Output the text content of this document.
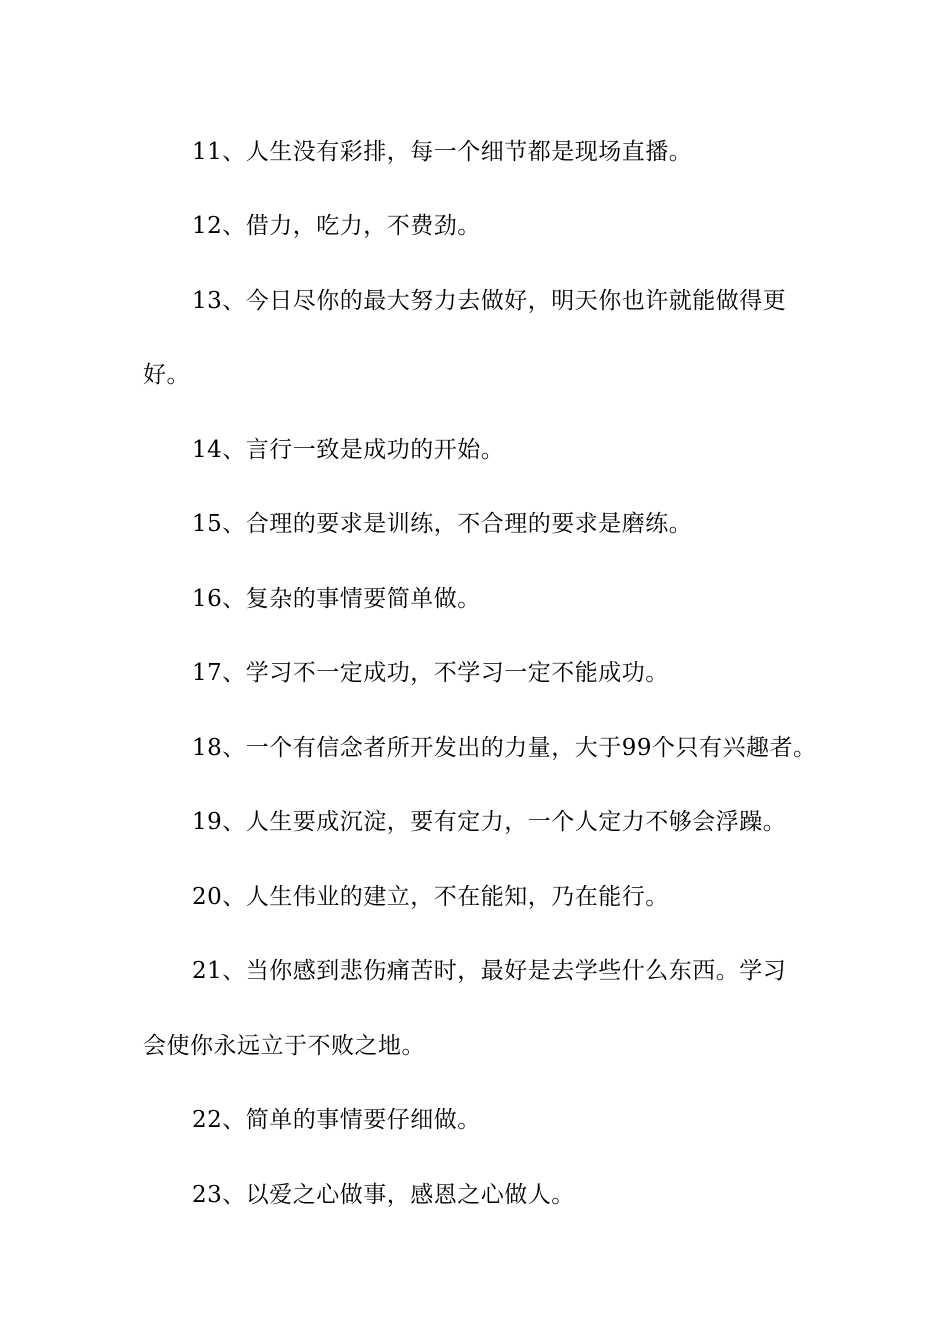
11、人生没有彩排，每一个细节都是现场直播。
12、借力，吃力，不费劲。
13、今日尽你的最大努力去做好，明天你也许就能做得更
好。
14、言行一致是成功的开始。
15、合理的要求是训练，不合理的要求是磨练。
16、复杂的事情要简单做。
17、学习不一定成功，不学习一定不能成功。
18、一个有信念者所开发出的力量，大于99个只有兴趣者。
19、人生要成沉淀，要有定力，一个人定力不够会浮躁。
20、人生伟业的建立，不在能知，乃在能行。
21、当你感到悲伤痛苦时，最好是去学些什么东西。学习
会使你永远立于不败之地。
22、简单的事情要仔细做。
23、以爱之心做事，感恩之心做人。
